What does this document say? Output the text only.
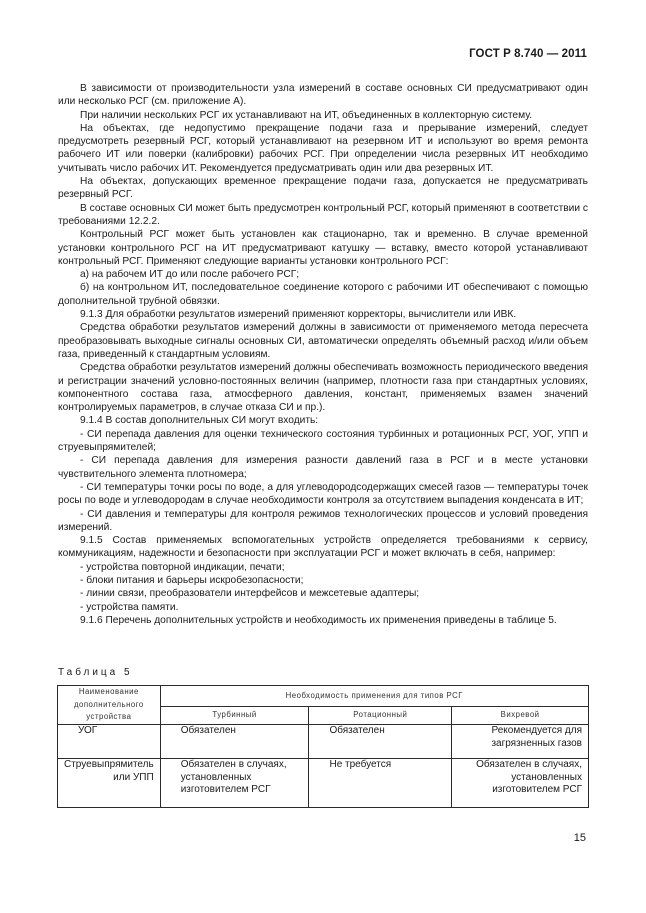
ГОСТ Р 8.740 — 2011

В зависимости от производительности узла измерений в составе основных СИ предусматривают один или несколько РСГ (см. приложение А).

При наличии нескольких РСГ их устанавливают на ИТ, объединенных в коллекторную систему.

На объектах, где недопустимо прекращение подачи газа и прерывание измерений, следует предусмотреть резервный РСГ, который устанавливают на резервном ИТ и используют во время ремонта рабочего ИТ или поверки (калибровки) рабочих РСГ. При определении числа резервных ИТ необходимо учитывать число рабочих ИТ. Рекомендуется предусматривать один или два резервных ИТ.

На объектах, допускающих временное прекращение подачи газа, допускается не предусматривать резервный РСГ.

В составе основных СИ может быть предусмотрен контрольный РСГ, который применяют в соответствии с требованиями 12.2.2.

Контрольный РСГ может быть установлен как стационарно, так и временно. В случае временной установки контрольного РСГ на ИТ предусматривают катушку — вставку, вместо которой устанавливают контрольный РСГ. Применяют следующие варианты установки контрольного РСГ:

а) на рабочем ИТ до или после рабочего РСГ;

б) на контрольном ИТ, последовательное соединение которого с рабочими ИТ обеспечивают с помощью дополнительной трубной обвязки.

9.1.3 Для обработки результатов измерений применяют корректоры, вычислители или ИВК.

Средства обработки результатов измерений должны в зависимости от применяемого метода пересчета преобразовывать выходные сигналы основных СИ, автоматически определять объемный расход и/или объем газа, приведенный к стандартным условиям.

Средства обработки результатов измерений должны обеспечивать возможность периодического введения и регистрации значений условно-постоянных величин (например, плотности газа при стандартных условиях, компонентного состава газа, атмосферного давления, констант, применяемых взамен значений контролируемых параметров, в случае отказа СИ и пр.).

9.1.4 В состав дополнительных СИ могут входить:

- СИ перепада давления для оценки технического состояния турбинных и ротационных РСГ, УОГ, УПП и струевыпрямителей;

- СИ перепада давления для измерения разности давлений газа в РСГ и в месте установки чувствительного элемента плотномера;

- СИ температуры точки росы по воде, а для углеводородсодержащих смесей газов — температуры точек росы по воде и углеводородам в случае необходимости контроля за отсутствием выпадения конденсата в ИТ;

- СИ давления и температуры для контроля режимов технологических процессов и условий проведения измерений.

9.1.5 Состав применяемых вспомогательных устройств определяется требованиями к сервису, коммуникациям, надежности и безопасности при эксплуатации РСГ и может включать в себя, например:

- устройства повторной индикации, печати;

- блоки питания и барьеры искробезопасности;

- линии связи, преобразователи интерфейсов и межсетевые адаптеры;

- устройства памяти.

9.1.6 Перечень дополнительных устройств и необходимость их применения приведены в таблице 5.

Таблица 5
Наименование дополнительного устройства	Необходимость применения для типов РСГ		
	Турбинный	Ротационный	Вихревой
УОГ	Обязателен	Обязателен	Рекомендуется для загрязненных газов
Струевыпрямитель или УПП	Обязателен в случаях, установленных изготовителем РСГ	Не требуется	Обязателен в случаях, установленных изготовителем РСГ
15
